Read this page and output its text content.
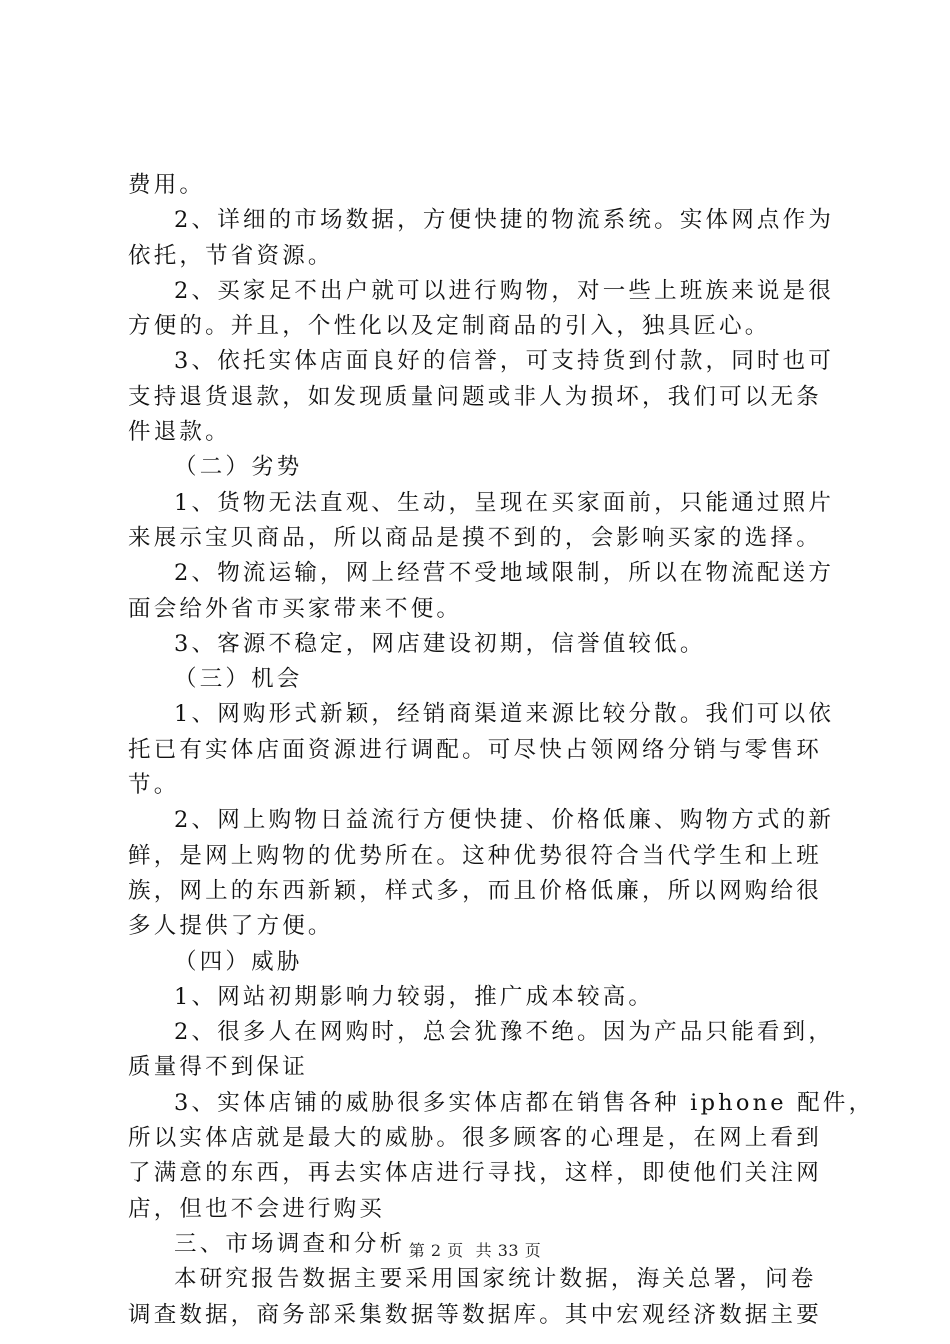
费用。
2、详细的市场数据，方便快捷的物流系统。实体网点作为
依托，节省资源。
2、买家足不出户就可以进行购物，对一些上班族来说是很
方便的。并且，个性化以及定制商品的引入，独具匠心。
3、依托实体店面良好的信誉，可支持货到付款，同时也可
支持退货退款，如发现质量问题或非人为损坏，我们可以无条
件退款。
（二）劣势
1、货物无法直观、生动，呈现在买家面前，只能通过照片
来展示宝贝商品，所以商品是摸不到的，会影响买家的选择。
2、物流运输，网上经营不受地域限制，所以在物流配送方
面会给外省市买家带来不便。
3、客源不稳定，网店建设初期，信誉值较低。
（三）机会
1、网购形式新颖，经销商渠道来源比较分散。我们可以依
托已有实体店面资源进行调配。可尽快占领网络分销与零售环
节。
2、网上购物日益流行方便快捷、价格低廉、购物方式的新
鲜，是网上购物的优势所在。这种优势很符合当代学生和上班
族，网上的东西新颖，样式多，而且价格低廉，所以网购给很
多人提供了方便。
（四）威胁
1、网站初期影响力较弱，推广成本较高。
2、很多人在网购时，总会犹豫不绝。因为产品只能看到，
质量得不到保证
3、实体店铺的威胁很多实体店都在销售各种 iphone 配件，
所以实体店就是最大的威胁。很多顾客的心理是，在网上看到
了满意的东西，再去实体店进行寻找，这样，即使他们关注网
店，但也不会进行购买
三、市场调查和分析
本研究报告数据主要采用国家统计数据，海关总署，问卷
调查数据，商务部采集数据等数据库。其中宏观经济数据主要
第 2 页 共 33 页
